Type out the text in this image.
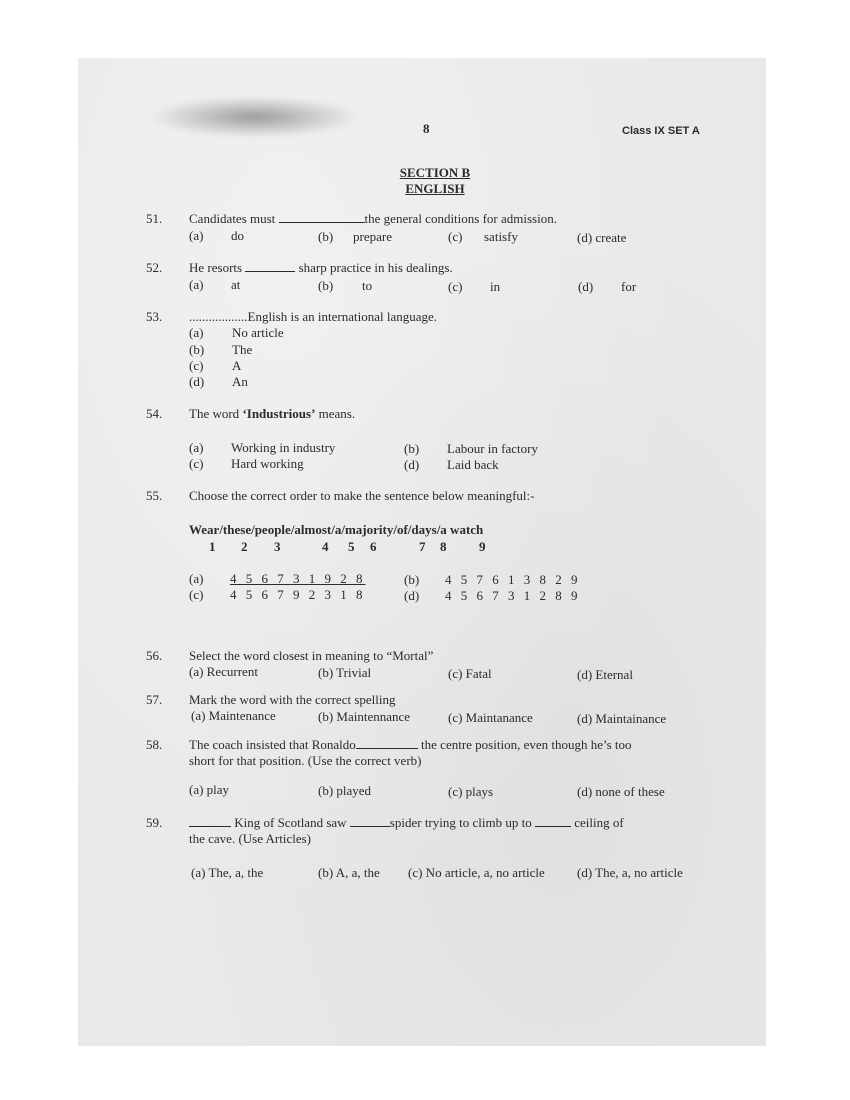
8	Class IX SET A
SECTION B
ENGLISH
51. Candidates must	the general conditions for admission.
(a) do	(b) prepare	(c) satisfy	(d) create
52. He resorts	sharp practice in his dealings.
(a) at	(b) to	(c) in	(d) for
53. ..................English is an international language.
(a) No article
(b) The
(c) A
(d) An
54. The word ‘Industrious’ means.
(a) Working in industry	(b) Labour in factory
(c) Hard working	(d) Laid back
55. Choose the correct order to make the sentence below meaningful:-
Wear/these/people/almost/a/majority/of/days/a watch
1 2 3	4 5 6	7 8	9
(a) 4 5 6 7 3 1 9 2 8	(b) 4 5 7 6 1 3 8 2 9
(c) 4 5 6 7 9 2 3 1 8	(d) 4 5 6 7 3 1 2 8 9
56. Select the word closest in meaning to “Mortal”
(a) Recurrent	(b) Trivial	(c) Fatal	(d) Eternal
57. Mark the word with the correct spelling
(a) Maintenance	(b) Maintennance	(c) Maintanance	(d) Maintainance
58. The coach insisted that Ronaldo	the centre position, even though he’s too
short for that position. (Use the correct verb)
(a) play	(b) played	(c) plays	(d) none of these
59.	King of Scotland saw	spider trying to climb up to	ceiling of
the cave. (Use Articles)
(a) The, a, the	(b) A, a, the (c) No article, a, no article (d) The, a, no article
